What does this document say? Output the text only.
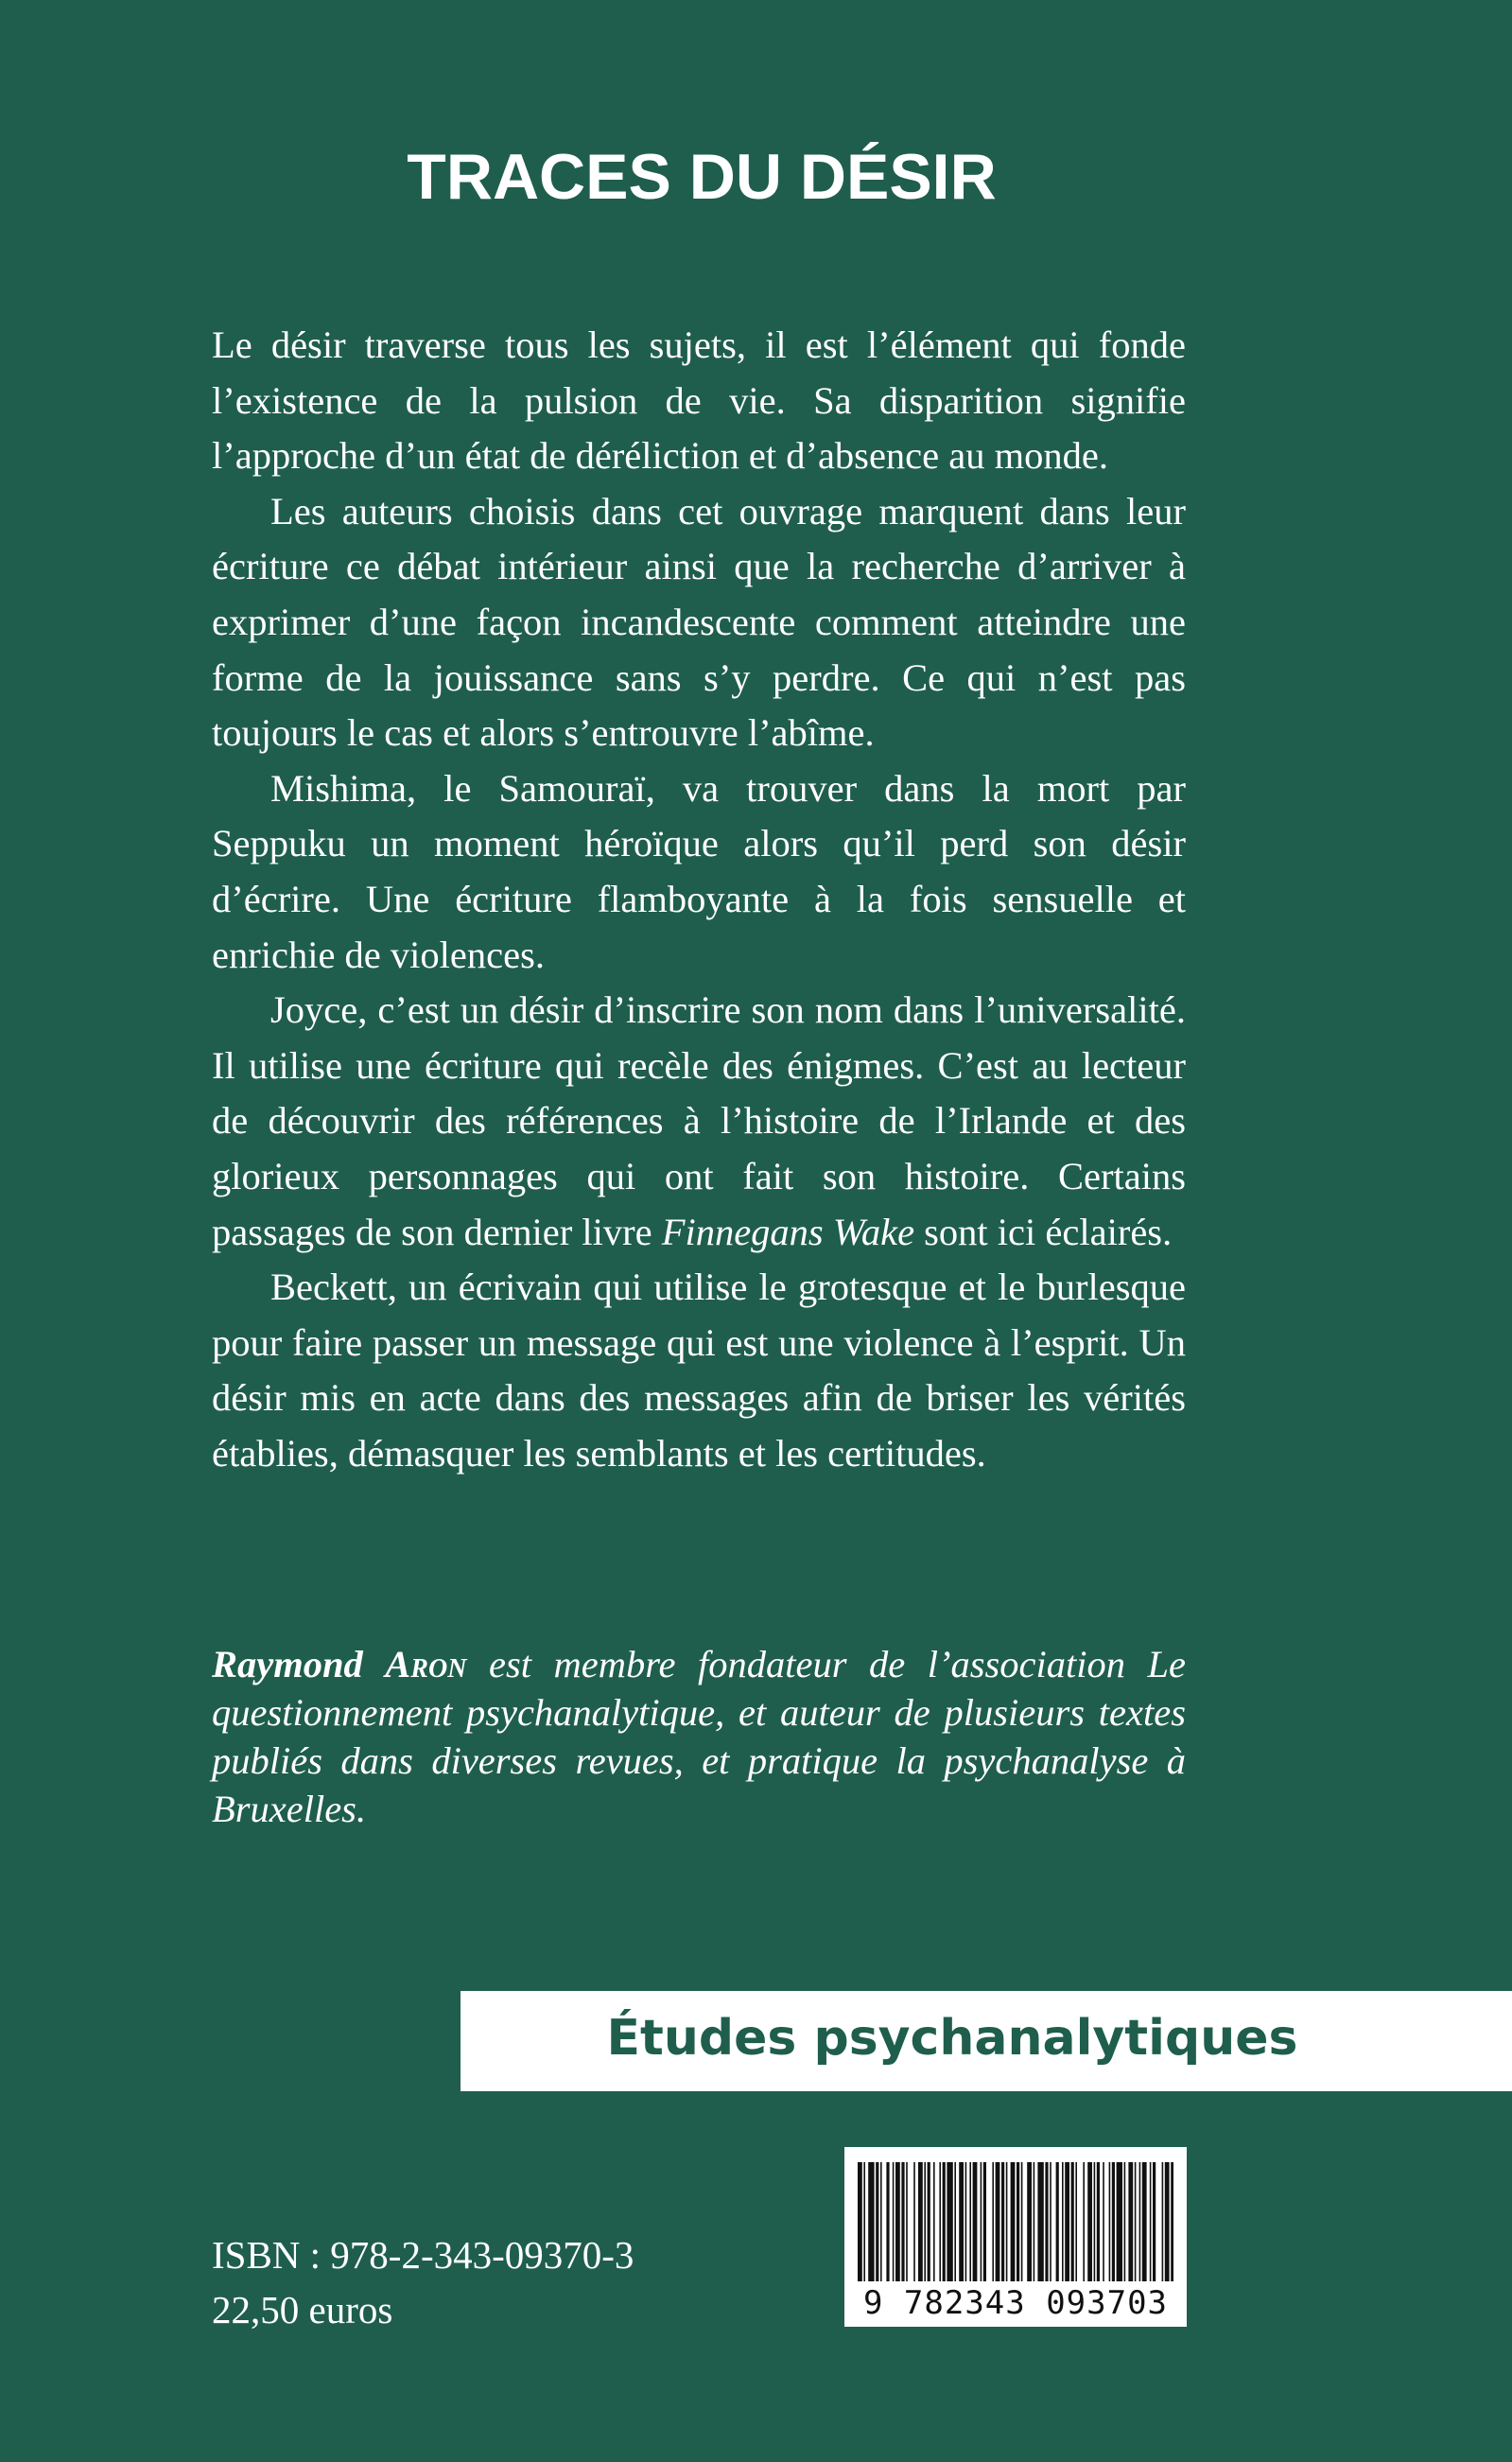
TRACES DU DÉSIR

Le désir traverse tous les sujets, il est l’élément qui fonde l’existence de la pulsion de vie. Sa disparition signifie l’approche d’un état de déréliction et d’absence au monde.

Les auteurs choisis dans cet ouvrage marquent dans leur écriture ce débat intérieur ainsi que la recherche d’arriver à exprimer d’une façon incandescente comment atteindre une forme de la jouissance sans s’y perdre. Ce qui n’est pas toujours le cas et alors s’entrouvre l’abîme.

Mishima, le Samouraï, va trouver dans la mort par Seppuku un moment héroïque alors qu’il perd son désir d’écrire. Une écriture flamboyante à la fois sensuelle et enrichie de violences.

Joyce, c’est un désir d’inscrire son nom dans l’universalité. Il utilise une écriture qui recèle des énigmes. C’est au lecteur de découvrir des références à l’histoire de l’Irlande et des glorieux personnages qui ont fait son histoire. Certains passages de son dernier livre Finnegans Wake sont ici éclairés.

Beckett, un écrivain qui utilise le grotesque et le burlesque pour faire passer un message qui est une violence à l’esprit. Un désir mis en acte dans des messages afin de briser les vérités établies, démasquer les semblants et les certitudes.

Raymond Aron est membre fondateur de l’association Le questionnement psychanalytique, et auteur de plusieurs textes publiés dans diverses revues, et pratique la psychanalyse à Bruxelles.

Études psychanalytiques
ISBN : 978-2-343-09370-3
22,50 euros	9 782343 093703
